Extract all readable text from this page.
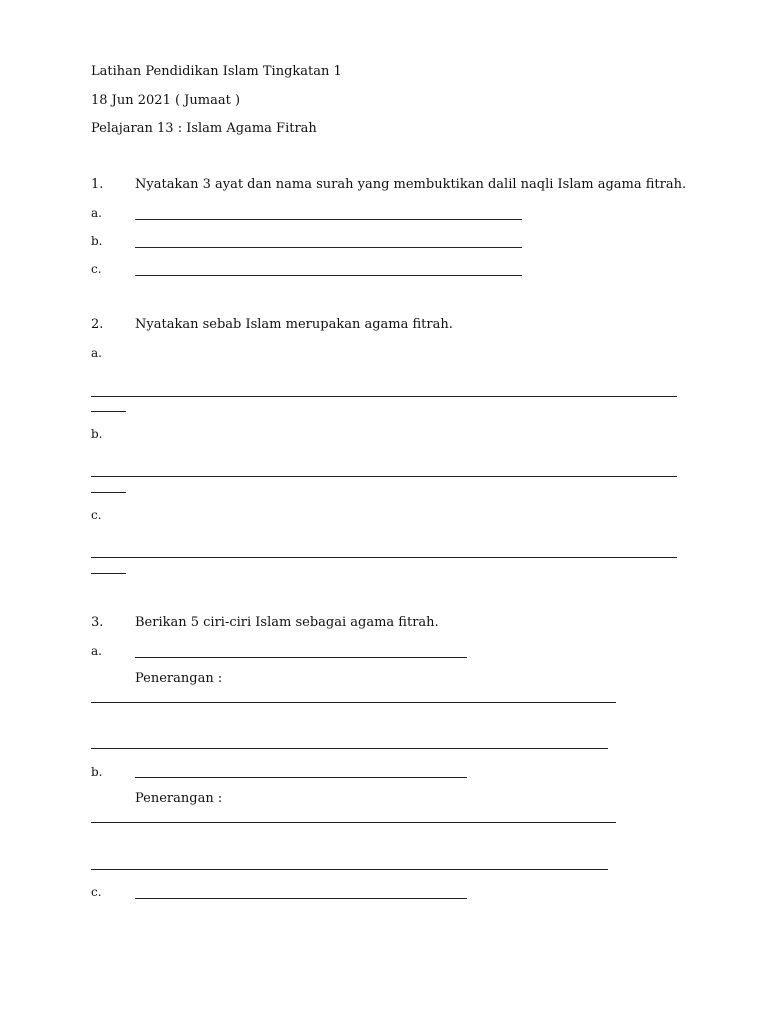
Latihan Pendidikan Islam Tingkatan 1
18 Jun 2021 ( Jumaat )
Pelajaran 13 : Islam Agama Fitrah
1. Nyatakan 3 ayat dan nama surah yang membuktikan dalil naqli Islam agama fitrah.
a.
b.
c.
2. Nyatakan sebab Islam merupakan agama fitrah.
a.
b.
c.
3. Berikan 5 ciri-ciri Islam sebagai agama fitrah.
a.
Penerangan :
b.
Penerangan :
c.
